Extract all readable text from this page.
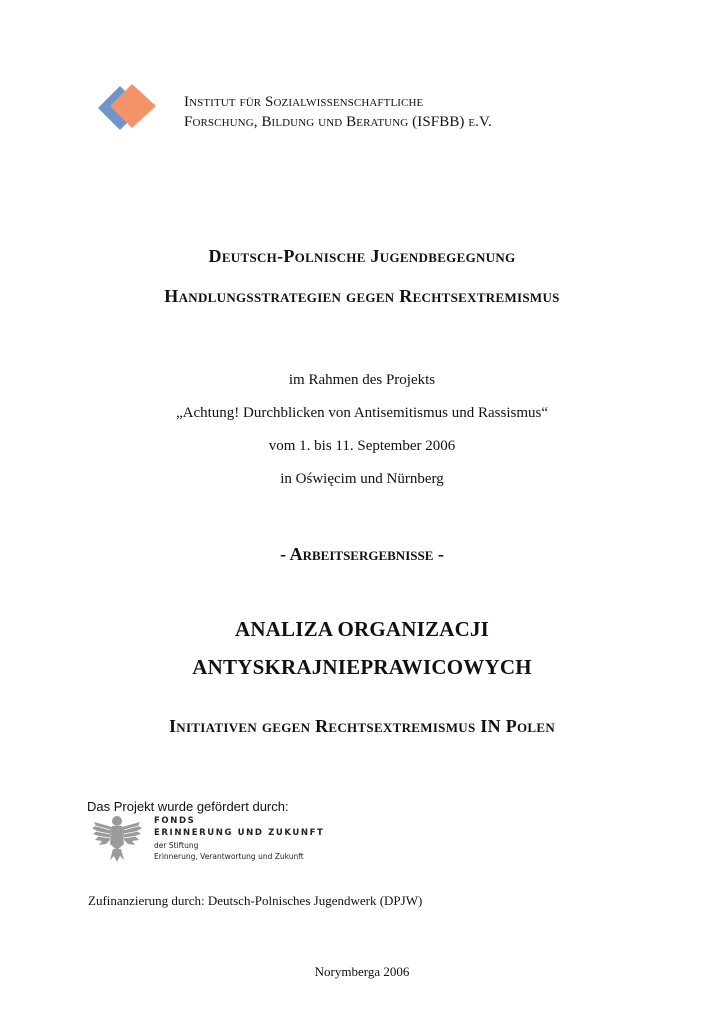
Institut für Sozialwissenschaftliche
Forschung, Bildung und Beratung (ISFBB) e.V.
Deutsch-Polnische Jugendbegegnung
Handlungsstrategien gegen Rechtsextremismus
im Rahmen des Projekts
„Achtung! Durchblicken von Antisemitismus und Rassismus“
vom 1. bis 11. September 2006
in Oświęcim und Nürnberg
- Arbeitsergebnisse -
ANALIZA ORGANIZACJI
ANTYSKRAJNIEPRAWICOWYCH
Initiativen gegen Rechtsextremismus IN Polen
Das Projekt wurde gefördert durch:
FONDS
ERINNERUNG UND ZUKUNFT
der Stiftung
Erinnerung, Verantwortung und Zukunft
Zufinanzierung durch: Deutsch-Polnisches Jugendwerk (DPJW)
Norymberga 2006
